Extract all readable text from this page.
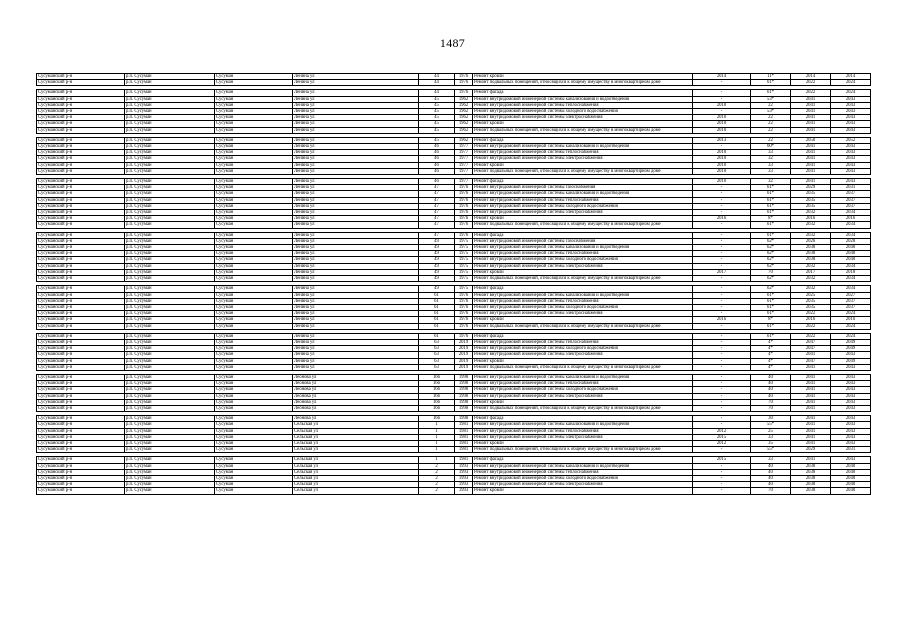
1487
Сусуманский р-н	р.п. Сусуман	Сусуман	Ленина ул	44	1976	Ремонт кровли	2014	11*	2014	2014
Сусуманский р-н	р.п. Сусуман	Сусуман	Ленина ул	44	1976	Ремонт подвальных помещений, относящихся к общему имуществу в многоквартирном доме	-	61*	2022	2024

Сусуманский р-н	р.п. Сусуман	Сусуман	Ленина ул	44	1976	Ремонт фасада	-	61*	2022	2024
Сусуманский р-н	р.п. Сусуман	Сусуман	Ленина ул	45	1962	Ремонт внутридомовой инженерной системы канализования и водоотведения	-	53*	2041	2043
Сусуманский р-н	р.п. Сусуман	Сусуман	Ленина ул	45	1962	Ремонт внутридомовой инженерной системы теплоснабжения	2010	22	2041	2043
Сусуманский р-н	р.п. Сусуман	Сусуман	Ленина ул	45	1962	Ремонт внутридомовой инженерной системы холодного водоснабжения	-	53*	2041	2043
Сусуманский р-н	р.п. Сусуман	Сусуман	Ленина ул	45	1962	Ремонт внутридомовой инженерной системы электроснабжения	2010	22	2041	2043
Сусуманский р-н	р.п. Сусуман	Сусуман	Ленина ул	45	1962	Ремонт кровли	2010	22	2041	2043
Сусуманский р-н	р.п. Сусуман	Сусуман	Ленина ул	45	1962	Ремонт подвальных помещений, относящихся к общему имуществу в многоквартирном доме	2010	22	2041	2043

Сусуманский р-н	р.п. Сусуман	Сусуман	Ленина ул	45	1962	Ремонт фасада	2013	22	2050	2052
Сусуманский р-н	р.п. Сусуман	Сусуман	Ленина ул	46	1977	Ремонт внутридомовой инженерной системы канализования и водоотведения	-	60*	2041	2043
Сусуманский р-н	р.п. Сусуман	Сусуман	Ленина ул	46	1977	Ремонт внутридомовой инженерной системы теплоснабжения	2010	33	2041	2043
Сусуманский р-н	р.п. Сусуман	Сусуман	Ленина ул	46	1977	Ремонт внутридомовой инженерной системы электроснабжения	2010	32	2041	2043
Сусуманский р-н	р.п. Сусуман	Сусуман	Ленина ул	46	1977	Ремонт кровли	2010	33	2041	2043
Сусуманский р-н	р.п. Сусуман	Сусуман	Ленина ул	46	1977	Ремонт подвальных помещений, относящихся к общему имуществу в многоквартирном доме	2010	33	2041	2043

Сусуманский р-н	р.п. Сусуман	Сусуман	Ленина ул	46	1977	Ремонт фасада	2010	32	2041	2043
Сусуманский р-н	р.п. Сусуман	Сусуман	Ленина ул	47	1976	Ремонт внутридомовой инженерной системы газоснабжения	-	61*	2029	2031
Сусуманский р-н	р.п. Сусуман	Сусуман	Ленина ул	47	1976	Ремонт внутридомовой инженерной системы канализования и водоотведения	-	61*	2035	2037
Сусуманский р-н	р.п. Сусуман	Сусуман	Ленина ул	47	1976	Ремонт внутридомовой инженерной системы теплоснабжения	-	61*	2035	2037
Сусуманский р-н	р.п. Сусуман	Сусуман	Ленина ул	47	1976	Ремонт внутридомовой инженерной системы холодного водоснабжения	-	61*	2035	2037
Сусуманский р-н	р.п. Сусуман	Сусуман	Ленина ул	47	1976	Ремонт внутридомовой инженерной системы электроснабжения	-	61*	2032	2034
Сусуманский р-н	р.п. Сусуман	Сусуман	Ленина ул	47	1976	Ремонт кровли	2016	8*	2016	2016
Сусуманский р-н	р.п. Сусуман	Сусуман	Ленина ул	47	1976	Ремонт подвальных помещений, относящихся к общему имуществу в многоквартирном доме	-	61*	2032	2034

Сусуманский р-н	р.п. Сусуман	Сусуман	Ленина ул	47	1976	Ремонт фасада	-	61*	2032	2034
Сусуманский р-н	р.п. Сусуман	Сусуман	Ленина ул	49	1975	Ремонт внутридомовой инженерной системы газоснабжения	-	62*	2026	2028
Сусуманский р-н	р.п. Сусуман	Сусуман	Ленина ул	49	1975	Ремонт внутридомовой инженерной системы канализования и водоотведения	-	62*	2038	2040
Сусуманский р-н	р.п. Сусуман	Сусуман	Ленина ул	49	1975	Ремонт внутридомовой инженерной системы теплоснабжения	-	62*	2038	2040
Сусуманский р-н	р.п. Сусуман	Сусуман	Ленина ул	49	1975	Ремонт внутридомовой инженерной системы холодного водоснабжения	-	62*	2038	2040
Сусуманский р-н	р.п. Сусуман	Сусуман	Ленина ул	49	1975	Ремонт внутридомовой инженерной системы электроснабжения	-	62*	2032	2034
Сусуманский р-н	р.п. Сусуман	Сусуман	Ленина ул	49	1975	Ремонт кровли	2017	70	2017	2018
Сусуманский р-н	р.п. Сусуман	Сусуман	Ленина ул	49	1975	Ремонт подвальных помещений, относящихся к общему имуществу в многоквартирном доме	-	62*	2032	2034

Сусуманский р-н	р.п. Сусуман	Сусуман	Ленина ул	49	1975	Ремонт фасада	-	62*	2032	2034
Сусуманский р-н	р.п. Сусуман	Сусуман	Ленина ул	61	1976	Ремонт внутридомовой инженерной системы канализования и водоотведения	-	61*	2025	2027
Сусуманский р-н	р.п. Сусуман	Сусуман	Ленина ул	61	1976	Ремонт внутридомовой инженерной системы теплоснабжения	-	61*	2035	2037
Сусуманский р-н	р.п. Сусуман	Сусуман	Ленина ул	61	1976	Ремонт внутридомовой инженерной системы холодного водоснабжения	-	61*	2035	2037
Сусуманский р-н	р.п. Сусуман	Сусуман	Ленина ул	61	1976	Ремонт внутридомовой инженерной системы электроснабжения	-	61*	2022	2024
Сусуманский р-н	р.п. Сусуман	Сусуман	Ленина ул	61	1976	Ремонт кровли	2016	8*	2016	2016
Сусуманский р-н	р.п. Сусуман	Сусуман	Ленина ул	61	1976	Ремонт подвальных помещений, относящихся к общему имуществу в многоквартирном доме	-	61*	2022	2024

Сусуманский р-н	р.п. Сусуман	Сусуман	Ленина ул	61	1976	Ремонт фасада	-	61*	2022	2024
Сусуманский р-н	р.п. Сусуман	Сусуман	Ленина ул	63	2019	Ремонт внутридомовой инженерной системы теплоснабжения	-	4*	2047	2049
Сусуманский р-н	р.п. Сусуман	Сусуман	Ленина ул	63	2019	Ремонт внутридомовой инженерной системы холодного водоснабжения	-	4*	2047	2049
Сусуманский р-н	р.п. Сусуман	Сусуман	Ленина ул	63	2019	Ремонт внутридомовой инженерной системы электроснабжения	-	4*	2041	2043
Сусуманский р-н	р.п. Сусуман	Сусуман	Ленина ул	63	2019	Ремонт кровли	-	4*	2047	2049
Сусуманский р-н	р.п. Сусуман	Сусуман	Ленина ул	63	2019	Ремонт подвальных помещений, относящихся к общему имуществу в многоквартирном доме	-	4*	2041	2043

Сусуманский р-н	р.п. Сусуман	Сусуман	Леонова ул	16б	1998	Ремонт внутридомовой инженерной системы канализования и водоотведения	-	40	2041	2043
Сусуманский р-н	р.п. Сусуман	Сусуман	Леонова ул	16б	1998	Ремонт внутридомовой инженерной системы теплоснабжения	-	40	2041	2043
Сусуманский р-н	р.п. Сусуман	Сусуман	Леонова ул	16б	1998	Ремонт внутридомовой инженерной системы холодного водоснабжения	-	40	2041	2043
Сусуманский р-н	р.п. Сусуман	Сусуман	Леонова ул	16б	1998	Ремонт внутридомовой инженерной системы электроснабжения	-	40	2041	2043
Сусуманский р-н	р.п. Сусуман	Сусуман	Леонова ул	16б	1998	Ремонт кровли	-	70	2041	2043
Сусуманский р-н	р.п. Сусуман	Сусуман	Леонова ул	16б	1998	Ремонт подвальных помещений, относящихся к общему имуществу в многоквартирном доме	-	70	2041	2043

Сусуманский р-н	р.п. Сусуман	Сусуман	Леонова ул	16б	1998	Ремонт фасада	-	30	2041	2043
Сусуманский р-н	р.п. Сусуман	Сусуман	Сельская ул	1	1981	Ремонт внутридомовой инженерной системы канализования и водоотведения	-	55*	2041	2043
Сусуманский р-н	р.п. Сусуман	Сусуман	Сельская ул	1	1981	Ремонт внутридомовой инженерной системы теплоснабжения	2012	25	2041	2043
Сусуманский р-н	р.п. Сусуман	Сусуман	Сельская ул	1	1981	Ремонт внутридомовой инженерной системы электроснабжения	2015	33	2041	2043
Сусуманский р-н	р.п. Сусуман	Сусуман	Сельская ул	1	1981	Ремонт кровли	2012	35	2041	2043
Сусуманский р-н	р.п. Сусуман	Сусуман	Сельская ул	1	1981	Ремонт подвальных помещений, относящихся к общему имуществу в многоквартирном доме	-	55*	2029	2031

Сусуманский р-н	р.п. Сусуман	Сусуман	Сельская ул	1	1981	Ремонт фасада	2015	33	2041	2043
Сусуманский р-н	р.п. Сусуман	Сусуман	Сельская ул	2	1993	Ремонт внутридомовой инженерной системы канализования и водоотведения	-	40	2038	2040
Сусуманский р-н	р.п. Сусуман	Сусуман	Сельская ул	2	1993	Ремонт внутридомовой инженерной системы теплоснабжения	-	40	2038	2040
Сусуманский р-н	р.п. Сусуман	Сусуман	Сельская ул	2	1993	Ремонт внутридомовой инженерной системы холодного водоснабжения	-	40	2038	2040
Сусуманский р-н	р.п. Сусуман	Сусуман	Сельская ул	2	1993	Ремонт внутридомовой инженерной системы электроснабжения	-	40	2038	2040
Сусуманский р-н	р.п. Сусуман	Сусуман	Сельская ул	2	1993	Ремонт кровли	-	70	2038	2040
